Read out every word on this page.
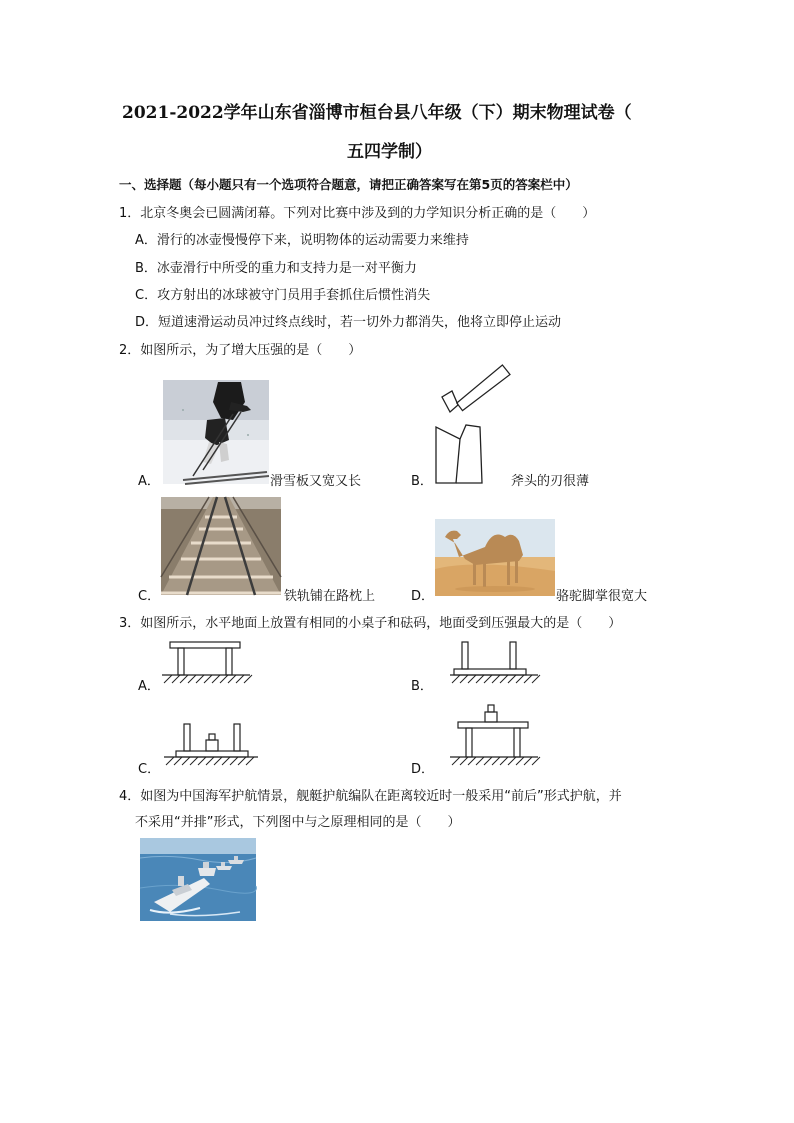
2021-2022学年山东省淄博市桓台县八年级（下）期末物理试卷（
五四学制）
一、选择题（每小题只有一个选项符合题意，请把正确答案写在第5页的答案栏中）
1．北京冬奥会已圆满闭幕。下列对比赛中涉及到的力学知识分析正确的是（　　）
A．滑行的冰壶慢慢停下来，说明物体的运动需要力来维持
B．冰壶滑行中所受的重力和支持力是一对平衡力
C．攻方射出的冰球被守门员用手套抓住后惯性消失
D．短道速滑运动员冲过终点线时，若一切外力都消失，他将立即停止运动
2．如图所示，为了增大压强的是（　　）
A．	滑雪板又宽又长	B．	斧头的刃很薄
C．	铁轨铺在路枕上	D．	骆驼脚掌很宽大
3．如图所示，水平地面上放置有相同的小桌子和砝码，地面受到压强最大的是（　　）
A．	B．
C．	D．
4．如图为中国海军护航情景，舰艇护航编队在距离较近时一般采用“前后”形式护航，并
不采用“并排”形式，下列图中与之原理相同的是（　　）
